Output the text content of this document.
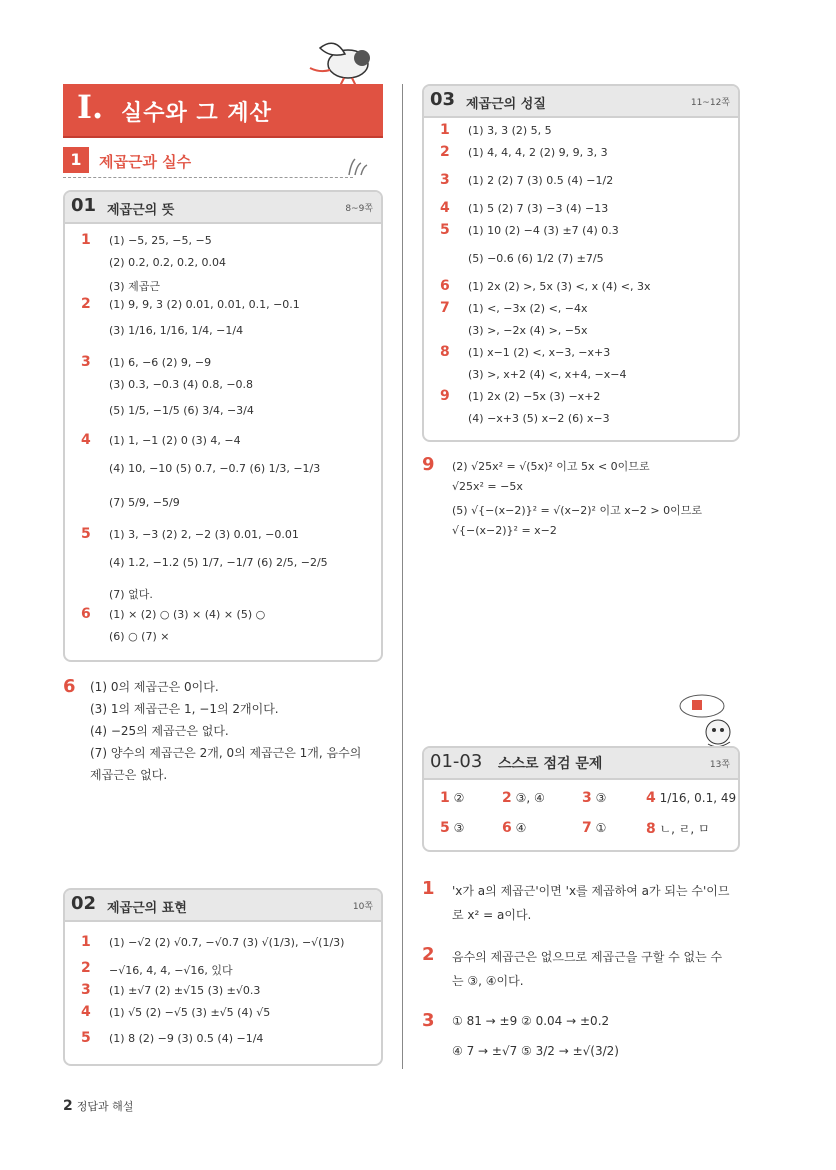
Ⅰ. 실수와 그 계산
1	제곱근과 실수
01 제곱근의 뜻	8~9쪽
1 (1) −5, 25, −5, −5
(2) 0.2, 0.2, 0.2, 0.04
(3) 제곱근
2 (1) 9, 9, 3 (2) 0.01, 0.01, 0.1, −0.1
(3) 1/16, 1/16, 1/4, −1/4
3 (1) 6, −6 (2) 9, −9
(3) 0.3, −0.3 (4) 0.8, −0.8
(5) 1/5, −1/5 (6) 3/4, −3/4
4 (1) 1, −1 (2) 0 (3) 4, −4
(4) 10, −10 (5) 0.7, −0.7 (6) 1/3, −1/3
(7) 5/9, −5/9
5 (1) 3, −3 (2) 2, −2 (3) 0.01, −0.01
(4) 1.2, −1.2 (5) 1/7, −1/7 (6) 2/5, −2/5
(7) 없다.
6 (1) × (2) ○ (3) × (4) × (5) ○
(6) ○ (7) ×
6 (1) 0의 제곱근은 0이다.
(3) 1의 제곱근은 1, −1의 2개이다.
(4) −25의 제곱근은 없다.
(7) 양수의 제곱근은 2개, 0의 제곱근은 1개, 음수의
제곱근은 없다.
02 제곱근의 표현	10쪽
1 (1) −√2 (2) √0.7, −√0.7 (3) √(1/3), −√(1/3)
2 −√16, 4, 4, −√16, 있다
3 (1) ±√7 (2) ±√15 (3) ±√0.3
4 (1) √5 (2) −√5 (3) ±√5 (4) √5
5 (1) 8 (2) −9 (3) 0.5 (4) −1/4
03 제곱근의 성질	11~12쪽
1 (1) 3, 3 (2) 5, 5
2 (1) 4, 4, 4, 2 (2) 9, 9, 3, 3
3 (1) 2 (2) 7 (3) 0.5 (4) −1/2
4 (1) 5 (2) 7 (3) −3 (4) −13
5 (1) 10 (2) −4 (3) ±7 (4) 0.3
(5) −0.6 (6) 1/2 (7) ±7/5
6 (1) 2x (2) >, 5x (3) <, x (4) <, 3x
7 (1) <, −3x (2) <, −4x
(3) >, −2x (4) >, −5x
8 (1) x−1 (2) <, x−3, −x+3
(3) >, x+2 (4) <, x+4, −x−4
9 (1) 2x (2) −5x (3) −x+2
(4) −x+3 (5) x−2 (6) x−3
9 (2) √25x² = √(5x)² 이고 5x < 0이므로
√25x² = −5x
(5) √{−(x−2)}² = √(x−2)² 이고 x−2 > 0이므로
√{−(x−2)}² = x−2
01-03 스스로 점검 문제	13쪽
1 ②	2 ③, ④	3 ③	4 1/16, 0.1, 49
5 ③	6 ④	7 ①	8 ㄴ, ㄹ, ㅁ
1 'x가 a의 제곱근'이면 'x를 제곱하여 a가 되는 수'이므
로 x² = a이다.
2 음수의 제곱근은 없으므로 제곱근을 구할 수 없는 수
는 ③, ④이다.
3 ① 81 → ±9 ② 0.04 → ±0.2
④ 7 → ±√7 ⑤ 3/2 → ±√(3/2)
2 정답과 해설
